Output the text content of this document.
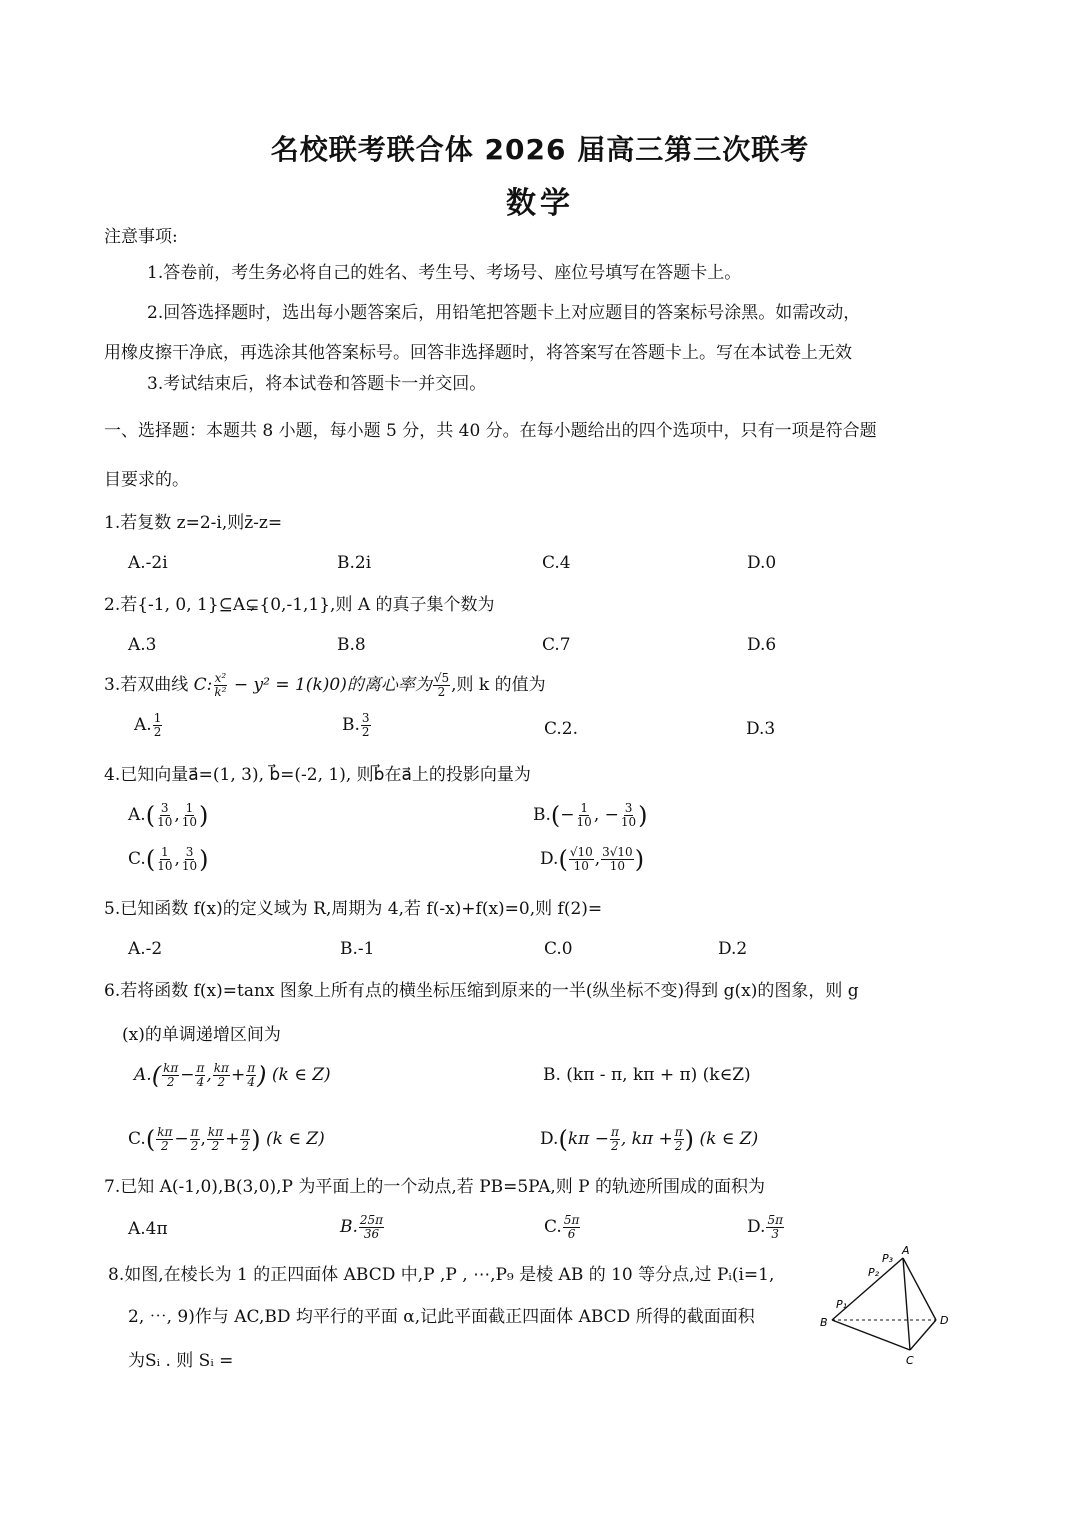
名校联考联合体 2026 届高三第三次联考
数学
注意事项:
1.答卷前，考生务必将自己的姓名、考生号、考场号、座位号填写在答题卡上。
2.回答选择题时，选出每小题答案后，用铅笔把答题卡上对应题目的答案标号涂黑。如需改动，
用橡皮擦干净底，再选涂其他答案标号。回答非选择题时，将答案写在答题卡上。写在本试卷上无效
3.考试结束后，将本试卷和答题卡一并交回。
一、选择题：本题共 8 小题，每小题 5 分，共 40 分。在每小题给出的四个选项中，只有一项是符合题
目要求的。
1.若复数 z=2-i,则z̄-z=
A.-2i	B.2i	C.4	D.0
2.若{-1, 0, 1}⊆A⊊{0,-1,1},则 A 的真子集个数为
A.3	B.8	C.7	D.6
3.若双曲线 C: $\frac{\text{x²}}{\text{k²}} - y^2 = 1(k)0$)的离心率为 $\frac{√5}{2}$ ,则 k 的值为
A. $\frac{1}{2}$	B. $\frac{3}{2}$	C.2.	D.3
4.已知向量a⃗=(1, 3), b⃗=(-2, 1), 则b⃗在a⃗上的投影向量为
$A.( \frac{3}{10}$ , $\frac{1}{10}$ )	$B.(- \frac{1}{10}$ , − $\frac{3}{10}$ )
$C.( \frac{1}{10}$ , $\frac{3}{10}$ )	$D.( \frac{√10}{10}$ , $\frac{3√10}{10}$ )
5.已知函数 f(x)的定义域为 R,周期为 4,若 f(-x)+f(x)=0,则 f(2)=
A.-2	B.-1	C.0	D.2
6.若将函数 f(x)=tanx 图象上所有点的横坐标压缩到原来的一半(纵坐标不变)得到 g(x)的图象，则 g
(x)的单调递增区间为
$A.( \frac{k\pi}{2} - \frac{\pi}{4}$ , $\frac{k\pi}{2} + \frac{\pi}{4}$ ) (k ∈ Z)	B. (kπ - π, kπ + π) (k∈Z)
$C.( \frac{k\pi}{2} - \frac{\pi}{2}$ , $\frac{k\pi}{2} + \frac{\pi}{2}$ ) (k ∈ Z)	$D.(k\pi - \frac{\pi}{2}$ , $k\pi + \frac{\pi}{2}$ ) (k ∈ Z)
7.已知 A(-1,0),B(3,0),P 为平面上的一个动点,若 PB=5PA,则 P 的轨迹所围成的面积为
A.4π	B. $\frac{25\pi}{36}$	C. $\frac{5\pi}{6}$	D. $\frac{5\pi}{3}$
8.如图,在棱长为 1 的正四面体 ABCD 中,P ,P , ⋯,P₉ 是棱 AB 的 10 等分点,过 Pᵢ(i=1,
2, ⋯, 9)作与 AC,BD 均平行的平面 α,记此平面截正四面体 ABCD 所得的截面面积
为Sᵢ . 则 Sᵢ =
A
B
C
D
P₁
P₂
P₃
